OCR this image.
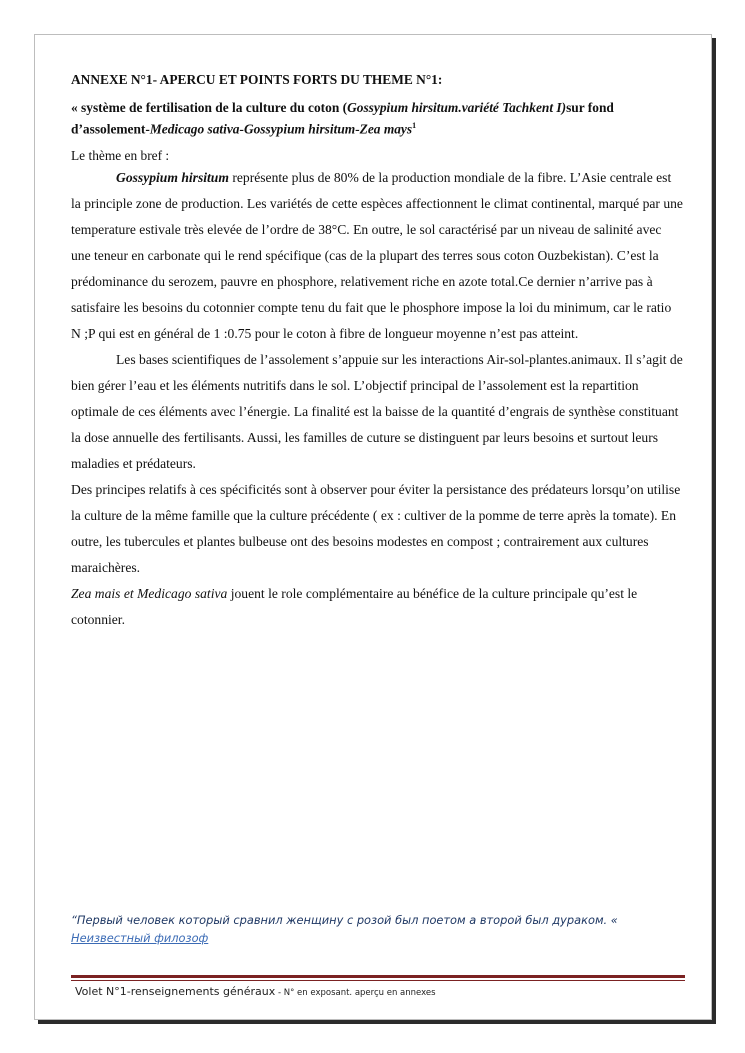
ANNEXE N°1- APERCU ET POINTS FORTS DU THEME N°1:
« système de fertilisation de la culture du coton (Gossypium hirsitum.variété Tachkent I)sur fond d’assolement-Medicago sativa-Gossypium hirsitum-Zea mays$^1$
Le thème en bref :

Gossypium hirsitum représente plus de 80% de la production mondiale de la fibre. L’Asie centrale est la principle zone de production. Les variétés de cette espèces affectionnent le climat continental, marqué par une temperature estivale très elevée de l’ordre de 38°C. En outre, le sol caractérisé par un niveau de salinité avec une teneur en carbonate qui le rend spécifique (cas de la plupart des terres sous coton Ouzbekistan). C’est la prédominance du serozem, pauvre en phosphore, relativement riche en azote total.Ce dernier n’arrive pas à satisfaire les besoins du cotonnier compte tenu du fait que le phosphore impose la loi du minimum, car le ratio N ;P qui est en général de 1 :0.75 pour le coton à fibre de longueur moyenne n’est pas atteint.

Les bases scientifiques de l’assolement s’appuie sur les interactions Air-sol-plantes.animaux. Il s’agit de bien gérer l’eau et les éléments nutritifs dans le sol. L’objectif principal de l’assolement est la repartition optimale de ces éléments avec l’énergie. La finalité est la baisse de la quantité d’engrais de synthèse constituant la dose annuelle des fertilisants. Aussi, les familles de cuture se distinguent par leurs besoins et surtout leurs maladies et prédateurs.

Des principes relatifs à ces spécificités sont à observer pour éviter la persistance des prédateurs lorsqu’on utilise la culture de la même famille que la culture précédente ( ex : cultiver de la pomme de terre après la tomate). En outre, les tubercules et plantes bulbeuse ont des besoins modestes en compost ; contrairement aux cultures maraichères.

Zea mais et Medicago sativa jouent le role complémentaire au bénéfice de la culture principale qu’est le cotonnier.

“Первый человек который сравнил женщину с розой был поетом а второй был дураком. «
Неизвестный филозоф
Volet N°1-renseignements généraux - N° en exposant. aperçu en annexes
